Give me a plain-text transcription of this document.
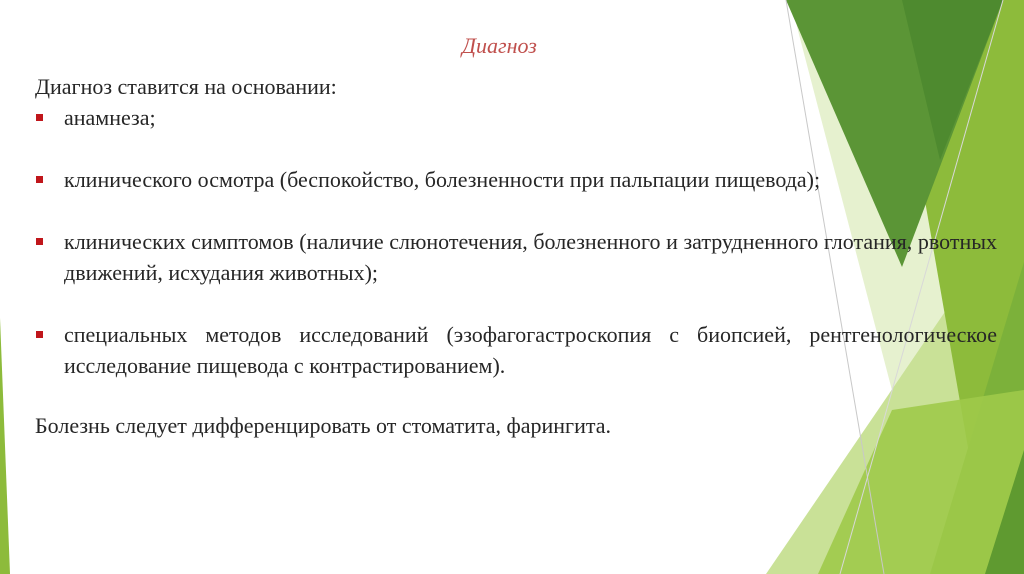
Диагноз

Диагноз ставится на основании:

анамнеза;
клинического осмотра (беспокойство, болезненности при пальпации пищевода);
клинических симптомов (наличие слюнотечения, болезненного и затрудненного глотания, рвотных движений, исхудания животных);
специальных методов исследований (эзофагогастроскопия с биопсией, рентгенологическое исследование пищевода с контрастированием).

Болезнь следует дифференцировать от стоматита, фарингита.
